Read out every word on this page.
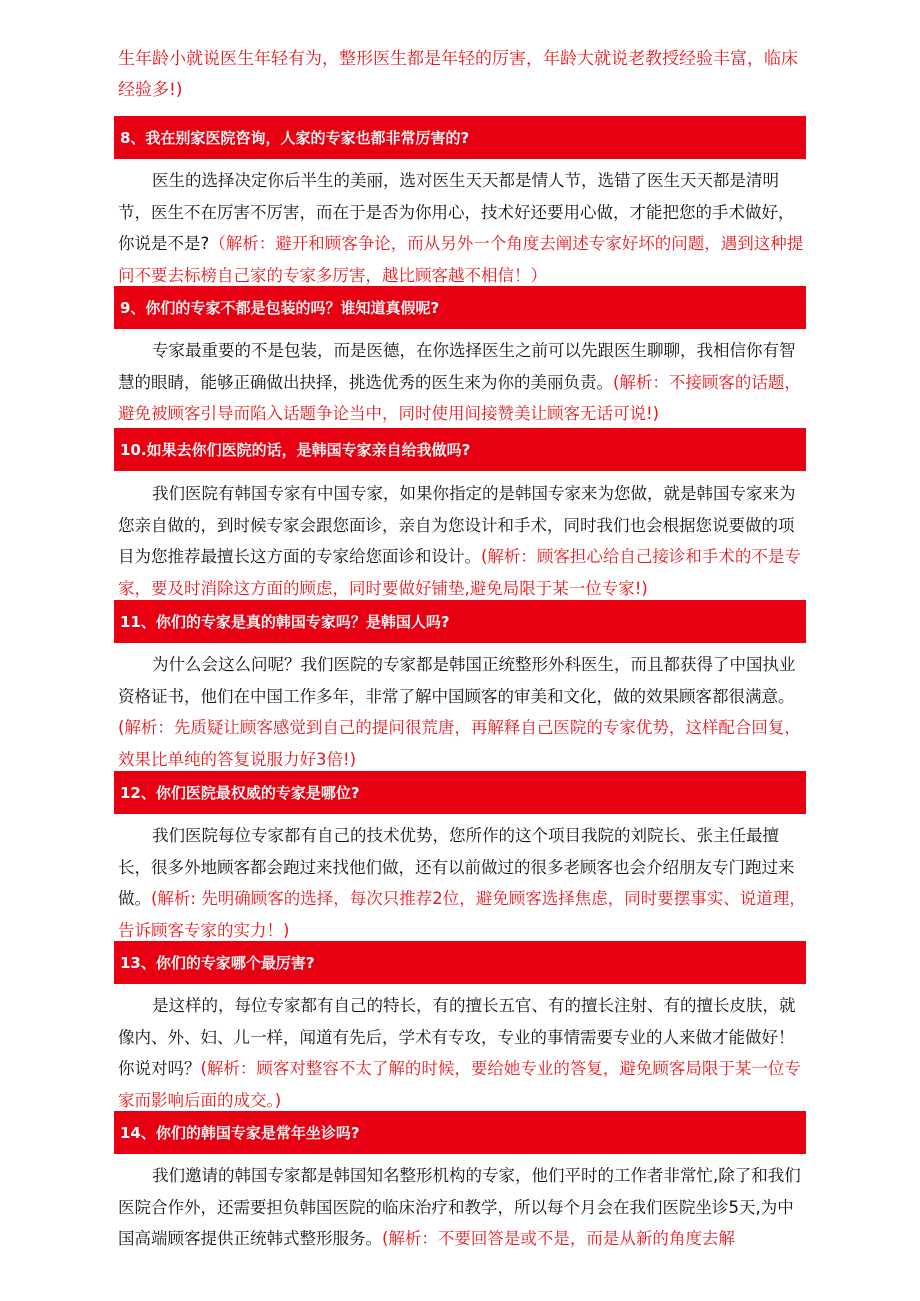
生年龄小就说医生年轻有为，整形医生都是年轻的厉害，年龄大就说老教授经验丰富，临床经验多!)

8、我在别家医院咨询，人家的专家也都非常厉害的?

医生的选择决定你后半生的美丽，选对医生天天都是情人节，选错了医生天天都是清明节，医生不在厉害不厉害，而在于是否为你用心，技术好还要用心做，才能把您的手术做好，你说是不是?（解析：避开和顾客争论，而从另外一个角度去阐述专家好坏的问题，遇到这种提问不要去标榜自己家的专家多厉害，越比顾客越不相信！）

9、你们的专家不都是包装的吗？谁知道真假呢?

专家最重要的不是包装，而是医德，在你选择医生之前可以先跟医生聊聊，我相信你有智慧的眼睛，能够正确做出抉择，挑选优秀的医生来为你的美丽负责。(解析：不接顾客的话题，避免被顾客引导而陷入话题争论当中，同时使用间接赞美让顾客无话可说!)

10.如果去你们医院的话，是韩国专家亲自给我做吗?

我们医院有韩国专家有中国专家，如果你指定的是韩国专家来为您做，就是韩国专家来为您亲自做的，到时候专家会跟您面诊，亲自为您设计和手术，同时我们也会根据您说要做的项目为您推荐最擅长这方面的专家给您面诊和设计。(解析：顾客担心给自己接诊和手术的不是专家，要及时消除这方面的顾虑，同时要做好铺垫,避免局限于某一位专家!)

11、你们的专家是真的韩国专家吗？是韩国人吗?

为什么会这么问呢？我们医院的专家都是韩国正统整形外科医生，而且都获得了中国执业资格证书，他们在中国工作多年，非常了解中国顾客的审美和文化，做的效果顾客都很满意。(解析：先质疑让顾客感觉到自己的提问很荒唐，再解释自己医院的专家优势，这样配合回复，效果比单纯的答复说服力好3倍!)

12、你们医院最权威的专家是哪位?

我们医院每位专家都有自己的技术优势，您所作的这个项目我院的刘院长、张主任最擅长，很多外地顾客都会跑过来找他们做，还有以前做过的很多老顾客也会介绍朋友专门跑过来做。(解析: 先明确顾客的选择，每次只推荐2位，避免顾客选择焦虑，同时要摆事实、说道理，告诉顾客专家的实力！)

13、你们的专家哪个最厉害?

是这样的，每位专家都有自己的特长，有的擅长五官、有的擅长注射、有的擅长皮肤，就像内、外、妇、儿一样，闻道有先后，学术有专攻，专业的事情需要专业的人来做才能做好！你说对吗？(解析：顾客对整容不太了解的时候，要给她专业的答复，避免顾客局限于某一位专家而影响后面的成交。)

14、你们的韩国专家是常年坐诊吗?

我们邀请的韩国专家都是韩国知名整形机构的专家，他们平时的工作者非常忙,除了和我们医院合作外，还需要担负韩国医院的临床治疗和教学，所以每个月会在我们医院坐诊5天,为中国高端顾客提供正统韩式整形服务。(解析：不要回答是或不是，而是从新的角度去解
